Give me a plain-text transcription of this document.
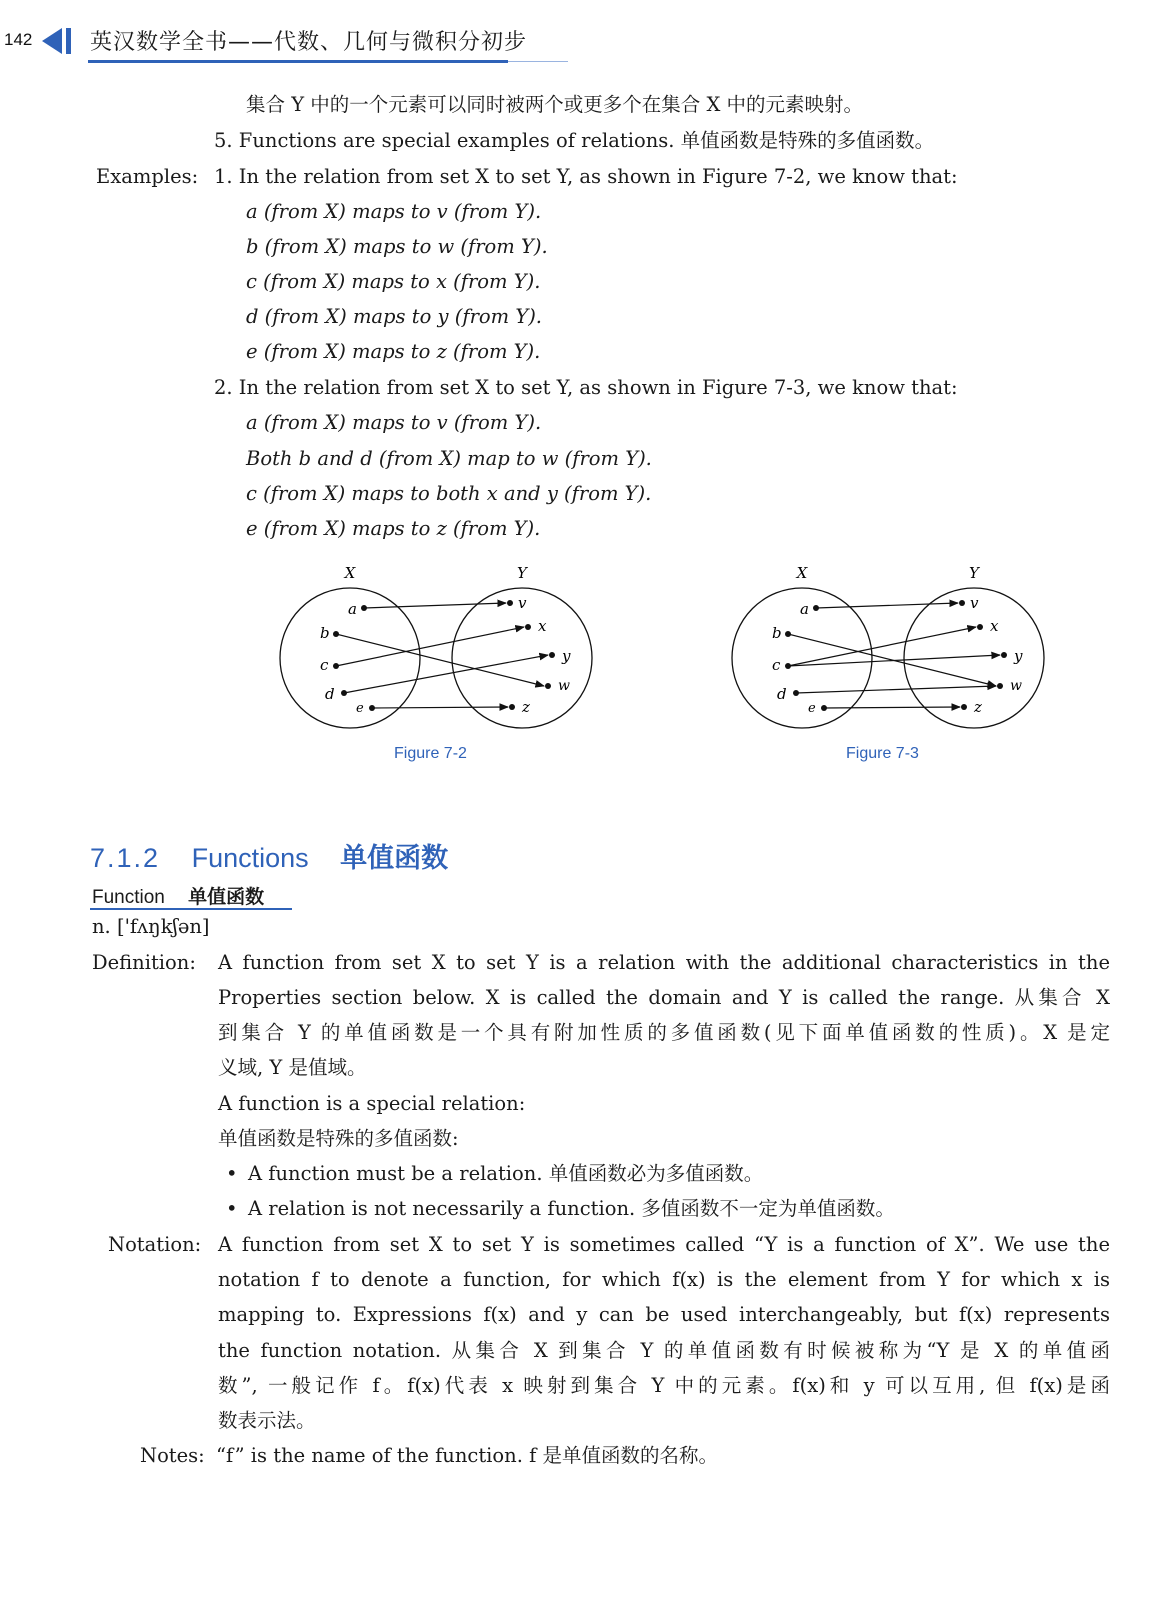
142	英汉数学全书——代数、几何与微积分初步
集合 Y 中的一个元素可以同时被两个或更多个在集合 X 中的元素映射。
5. Functions are special examples of relations. 单值函数是特殊的多值函数。
Examples: 1. In the relation from set X to set Y, as shown in Figure 7-2, we know that:
a (from X) maps to v (from Y).
b (from X) maps to w (from Y).
c (from X) maps to x (from Y).
d (from X) maps to y (from Y).
e (from X) maps to z (from Y).
2. In the relation from set X to set Y, as shown in Figure 7-3, we know that:
a (from X) maps to v (from Y).
Both b and d (from X) map to w (from Y).
c (from X) maps to both x and y (from Y).
e (from X) maps to z (from Y).
X	Y
a
b
c
d
e
v
x
y
w
z
Figure 7-2
X	Y
a
b
c
d
e
v
x
y
w
z
Figure 7-3
7.1.2 Functions 单值函数
Function 单值函数
n. ['fʌŋkʃən]
Definition: A function from set X to set Y is a relation with the additional characteristics in the
Properties section below. X is called the domain and Y is called the range. 从集合 X
到集合 Y 的单值函数是一个具有附加性质的多值函数(见下面单值函数的性质)。X 是定
义域, Y 是值域。
A function is a special relation:
单值函数是特殊的多值函数:
• A function must be a relation. 单值函数必为多值函数。
• A relation is not necessarily a function. 多值函数不一定为单值函数。
Notation: A function from set X to set Y is sometimes called “Y is a function of X”. We use the
notation f to denote a function, for which f(x) is the element from Y for which x is
mapping to. Expressions f(x) and y can be used interchangeably, but f(x) represents
the function notation. 从集合 X 到集合 Y 的单值函数有时候被称为“Y 是 X 的单值函
数”, 一般记作 f。f(x)代表 x 映射到集合 Y 中的元素。f(x)和 y 可以互用, 但 f(x)是函
数表示法。
Notes: “f” is the name of the function. f 是单值函数的名称。
